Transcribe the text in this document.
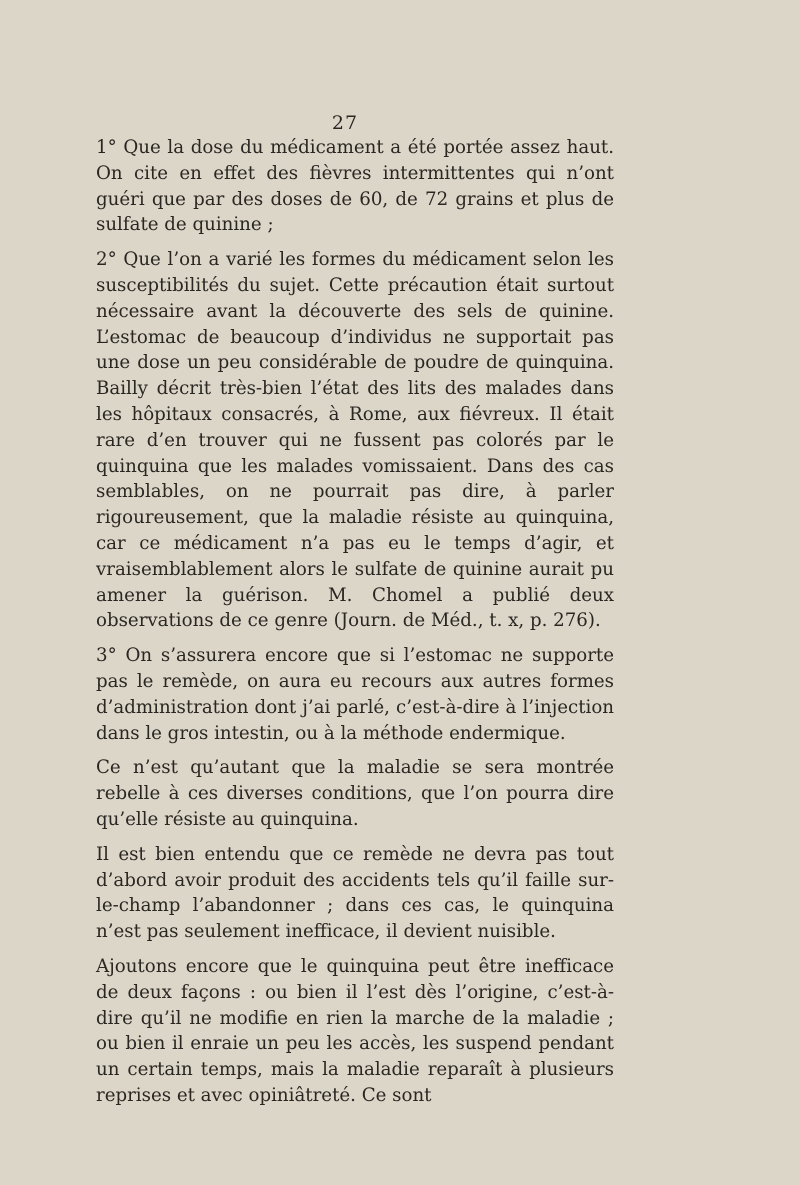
27

1° Que la dose du médicament a été portée assez haut. On cite en effet des fièvres intermittentes qui n’ont guéri que par des doses de 60, de 72 grains et plus de sulfate de quinine ;

2° Que l’on a varié les formes du médicament selon les susceptibilités du sujet. Cette précaution était surtout nécessaire avant la découverte des sels de quinine. L’estomac de beaucoup d’individus ne supportait pas une dose un peu considérable de poudre de quinquina. Bailly décrit très-bien l’état des lits des malades dans les hôpitaux consacrés, à Rome, aux fiévreux. Il était rare d’en trouver qui ne fussent pas colorés par le quinquina que les malades vomissaient. Dans des cas semblables, on ne pourrait pas dire, à parler rigoureusement, que la maladie résiste au quinquina, car ce médicament n’a pas eu le temps d’agir, et vraisemblablement alors le sulfate de quinine aurait pu amener la guérison. M. Chomel a publié deux observations de ce genre (Journ. de Méd., t. x, p. 276).

3° On s’assurera encore que si l’estomac ne supporte pas le remède, on aura eu recours aux autres formes d’administration dont j’ai parlé, c’est-à-dire à l’injection dans le gros intestin, ou à la méthode endermique.

Ce n’est qu’autant que la maladie se sera montrée rebelle à ces diverses conditions, que l’on pourra dire qu’elle résiste au quinquina.

Il est bien entendu que ce remède ne devra pas tout d’abord avoir produit des accidents tels qu’il faille sur-le-champ l’abandonner ; dans ces cas, le quinquina n’est pas seulement inefficace, il devient nuisible.

Ajoutons encore que le quinquina peut être inefficace de deux façons : ou bien il l’est dès l’origine, c’est-à-dire qu’il ne modifie en rien la marche de la maladie ; ou bien il enraie un peu les accès, les suspend pendant un certain temps, mais la maladie reparaît à plusieurs reprises et avec opiniâtreté. Ce sont
